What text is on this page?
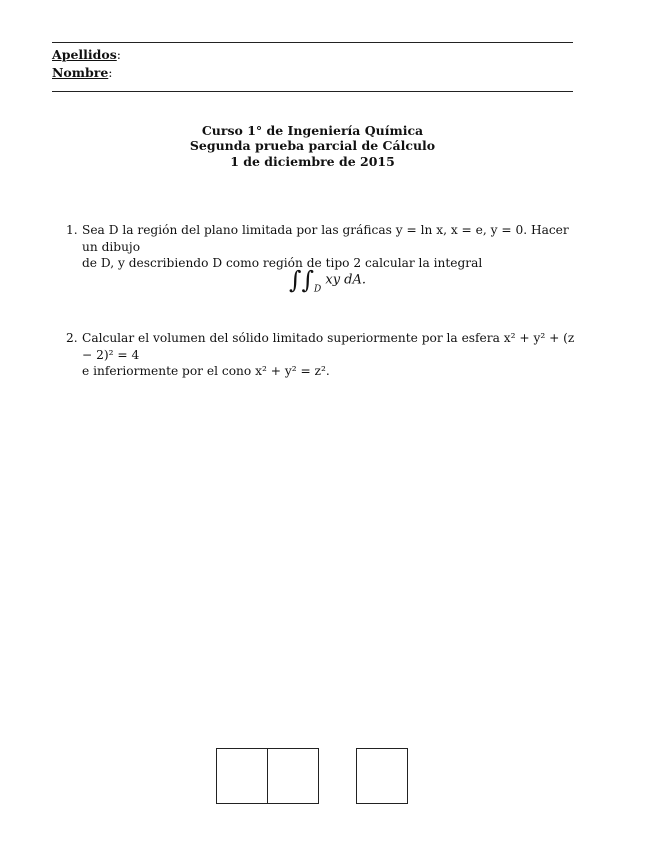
Apellidos:
Nombre:
Curso 1° de Ingeniería Química
Segunda prueba parcial de Cálculo
1 de diciembre de 2015
1. Sea D la región del plano limitada por las gráficas y = ln x, x = e, y = 0. Hacer un dibujo
de D, y describiendo D como región de tipo 2 calcular la integral
$\int\int_D$ xy dA.
2. Calcular el volumen del sólido limitado superiormente por la esfera x² + y² + (z − 2)² = 4
e inferiormente por el cono x² + y² = z².
